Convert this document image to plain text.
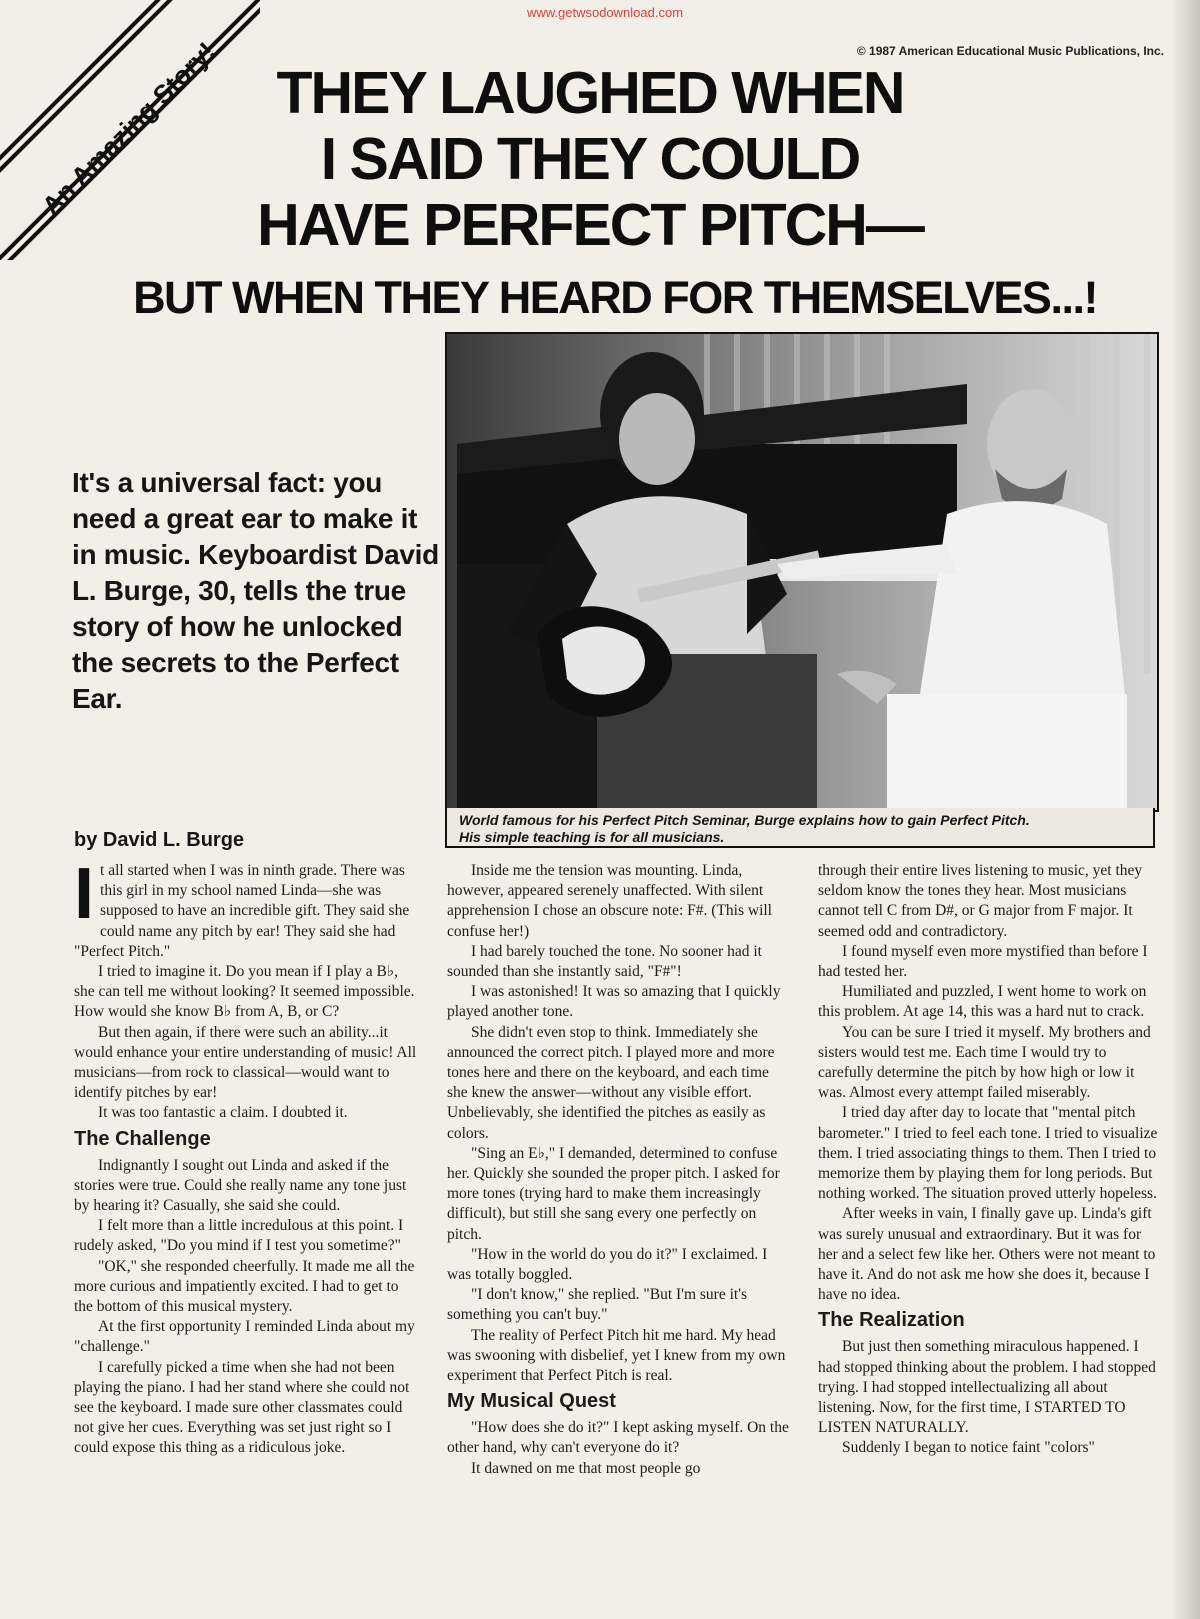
www.getwsodownload.com
© 1987 American Educational Music Publications, Inc.
An Amazing Story! THEY LAUGHED WHEN
I SAID THEY COULD
HAVE PERFECT PITCH—
BUT WHEN THEY HEARD FOR THEMSELVES...!
It's a universal fact: you need a great ear to make it in music. Keyboardist David L. Burge, 30, tells the true story of how he unlocked the secrets to the Perfect Ear.
World famous for his Perfect Pitch Seminar, Burge explains how to gain Perfect Pitch.
His simple teaching is for all musicians.
by David L. Burge
I t all started when I was in ninth grade. There was this girl in my school named Linda—she was supposed to have an incredible gift. They said she could name any pitch by ear! They said she had "Perfect Pitch."

I tried to imagine it. Do you mean if I play a B♭, she can tell me without looking? It seemed impossible. How would she know B♭ from A, B, or C?

But then again, if there were such an ability...it would enhance your entire understanding of music! All musicians—from rock to classical—would want to identify pitches by ear!

It was too fantastic a claim. I doubted it.

The Challenge

Indignantly I sought out Linda and asked if the stories were true. Could she really name any tone just by hearing it? Casually, she said she could.

I felt more than a little incredulous at this point. I rudely asked, "Do you mind if I test you sometime?"

"OK," she responded cheerfully. It made me all the more curious and impatiently excited. I had to get to the bottom of this musical mystery.

At the first opportunity I reminded Linda about my "challenge."

I carefully picked a time when she had not been playing the piano. I had her stand where she could not see the keyboard. I made sure other classmates could not give her cues. Everything was set just right so I could expose this thing as a ridiculous joke.

Inside me the tension was mounting. Linda, however, appeared serenely unaffected. With silent apprehension I chose an obscure note: F#. (This will confuse her!)

I had barely touched the tone. No sooner had it sounded than she instantly said, "F#"!

I was astonished! It was so amazing that I quickly played another tone.

She didn't even stop to think. Immediately she announced the correct pitch. I played more and more tones here and there on the keyboard, and each time she knew the answer—without any visible effort. Unbelievably, she identified the pitches as easily as colors.

"Sing an E♭," I demanded, determined to confuse her. Quickly she sounded the proper pitch. I asked for more tones (trying hard to make them increasingly difficult), but still she sang every one perfectly on pitch.

"How in the world do you do it?" I exclaimed. I was totally boggled.

"I don't know," she replied. "But I'm sure it's something you can't buy."

The reality of Perfect Pitch hit me hard. My head was swooning with disbelief, yet I knew from my own experiment that Perfect Pitch is real.

My Musical Quest

"How does she do it?" I kept asking myself. On the other hand, why can't everyone do it?

It dawned on me that most people go

through their entire lives listening to music, yet they seldom know the tones they hear. Most musicians cannot tell C from D#, or G major from F major. It seemed odd and contradictory.

I found myself even more mystified than before I had tested her.

Humiliated and puzzled, I went home to work on this problem. At age 14, this was a hard nut to crack.

You can be sure I tried it myself. My brothers and sisters would test me. Each time I would try to carefully determine the pitch by how high or low it was. Almost every attempt failed miserably.

I tried day after day to locate that "mental pitch barometer." I tried to feel each tone. I tried to visualize them. I tried associating things to them. Then I tried to memorize them by playing them for long periods. But nothing worked. The situation proved utterly hopeless.

After weeks in vain, I finally gave up. Linda's gift was surely unusual and extraordinary. But it was for her and a select few like her. Others were not meant to have it. And do not ask me how she does it, because I have no idea.

The Realization

But just then something miraculous happened. I had stopped thinking about the problem. I had stopped trying. I had stopped intellectualizing all about listening. Now, for the first time, I STARTED TO LISTEN NATURALLY.

Suddenly I began to notice faint "colors"
